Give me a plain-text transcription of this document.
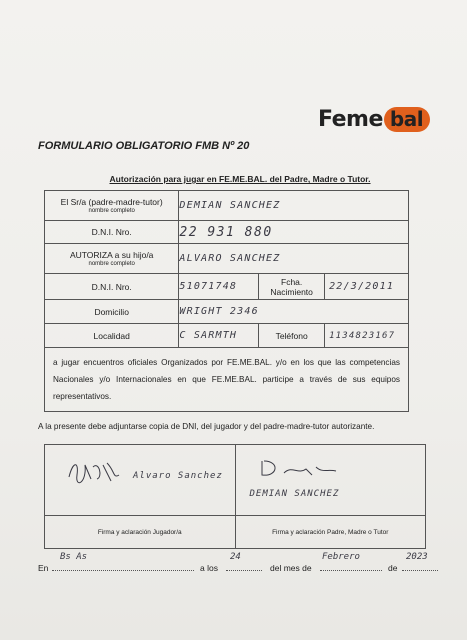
Feme bal
FORMULARIO OBLIGATORIO FMB Nº 20
Autorización para jugar en FE.ME.BAL. del Padre, Madre o Tutor.
El Sr/a (padre-madre-tutor)
nombre completo	DEMIAN SANCHEZ		
D.N.I. Nro.	22 931 880		
AUTORIZA a su hijo/a
nombre completo	ALVARO SANCHEZ		
D.N.I. Nro.	51071748	Fcha. Nacimiento	22/3/2011
Domicilio	WRIGHT 2346		
Localidad	C SARMTH	Teléfono	1134823167
a jugar encuentros oficiales Organizados por FE.ME.BAL. y/o en los que las competencias Nacionales y/o Internacionales en que FE.ME.BAL. participe a través de sus equipos representativos.			
A la presente debe adjuntarse copia de DNI, del jugador y del padre-madre-tutor autorizante.
Alvaro Sanchez	DEMIAN SANCHEZ

Firma y aclaración Jugador/a	Firma y aclaración Padre, Madre o Tutor
En
Bs As
a los
24
del mes de
Febrero
de
2023
